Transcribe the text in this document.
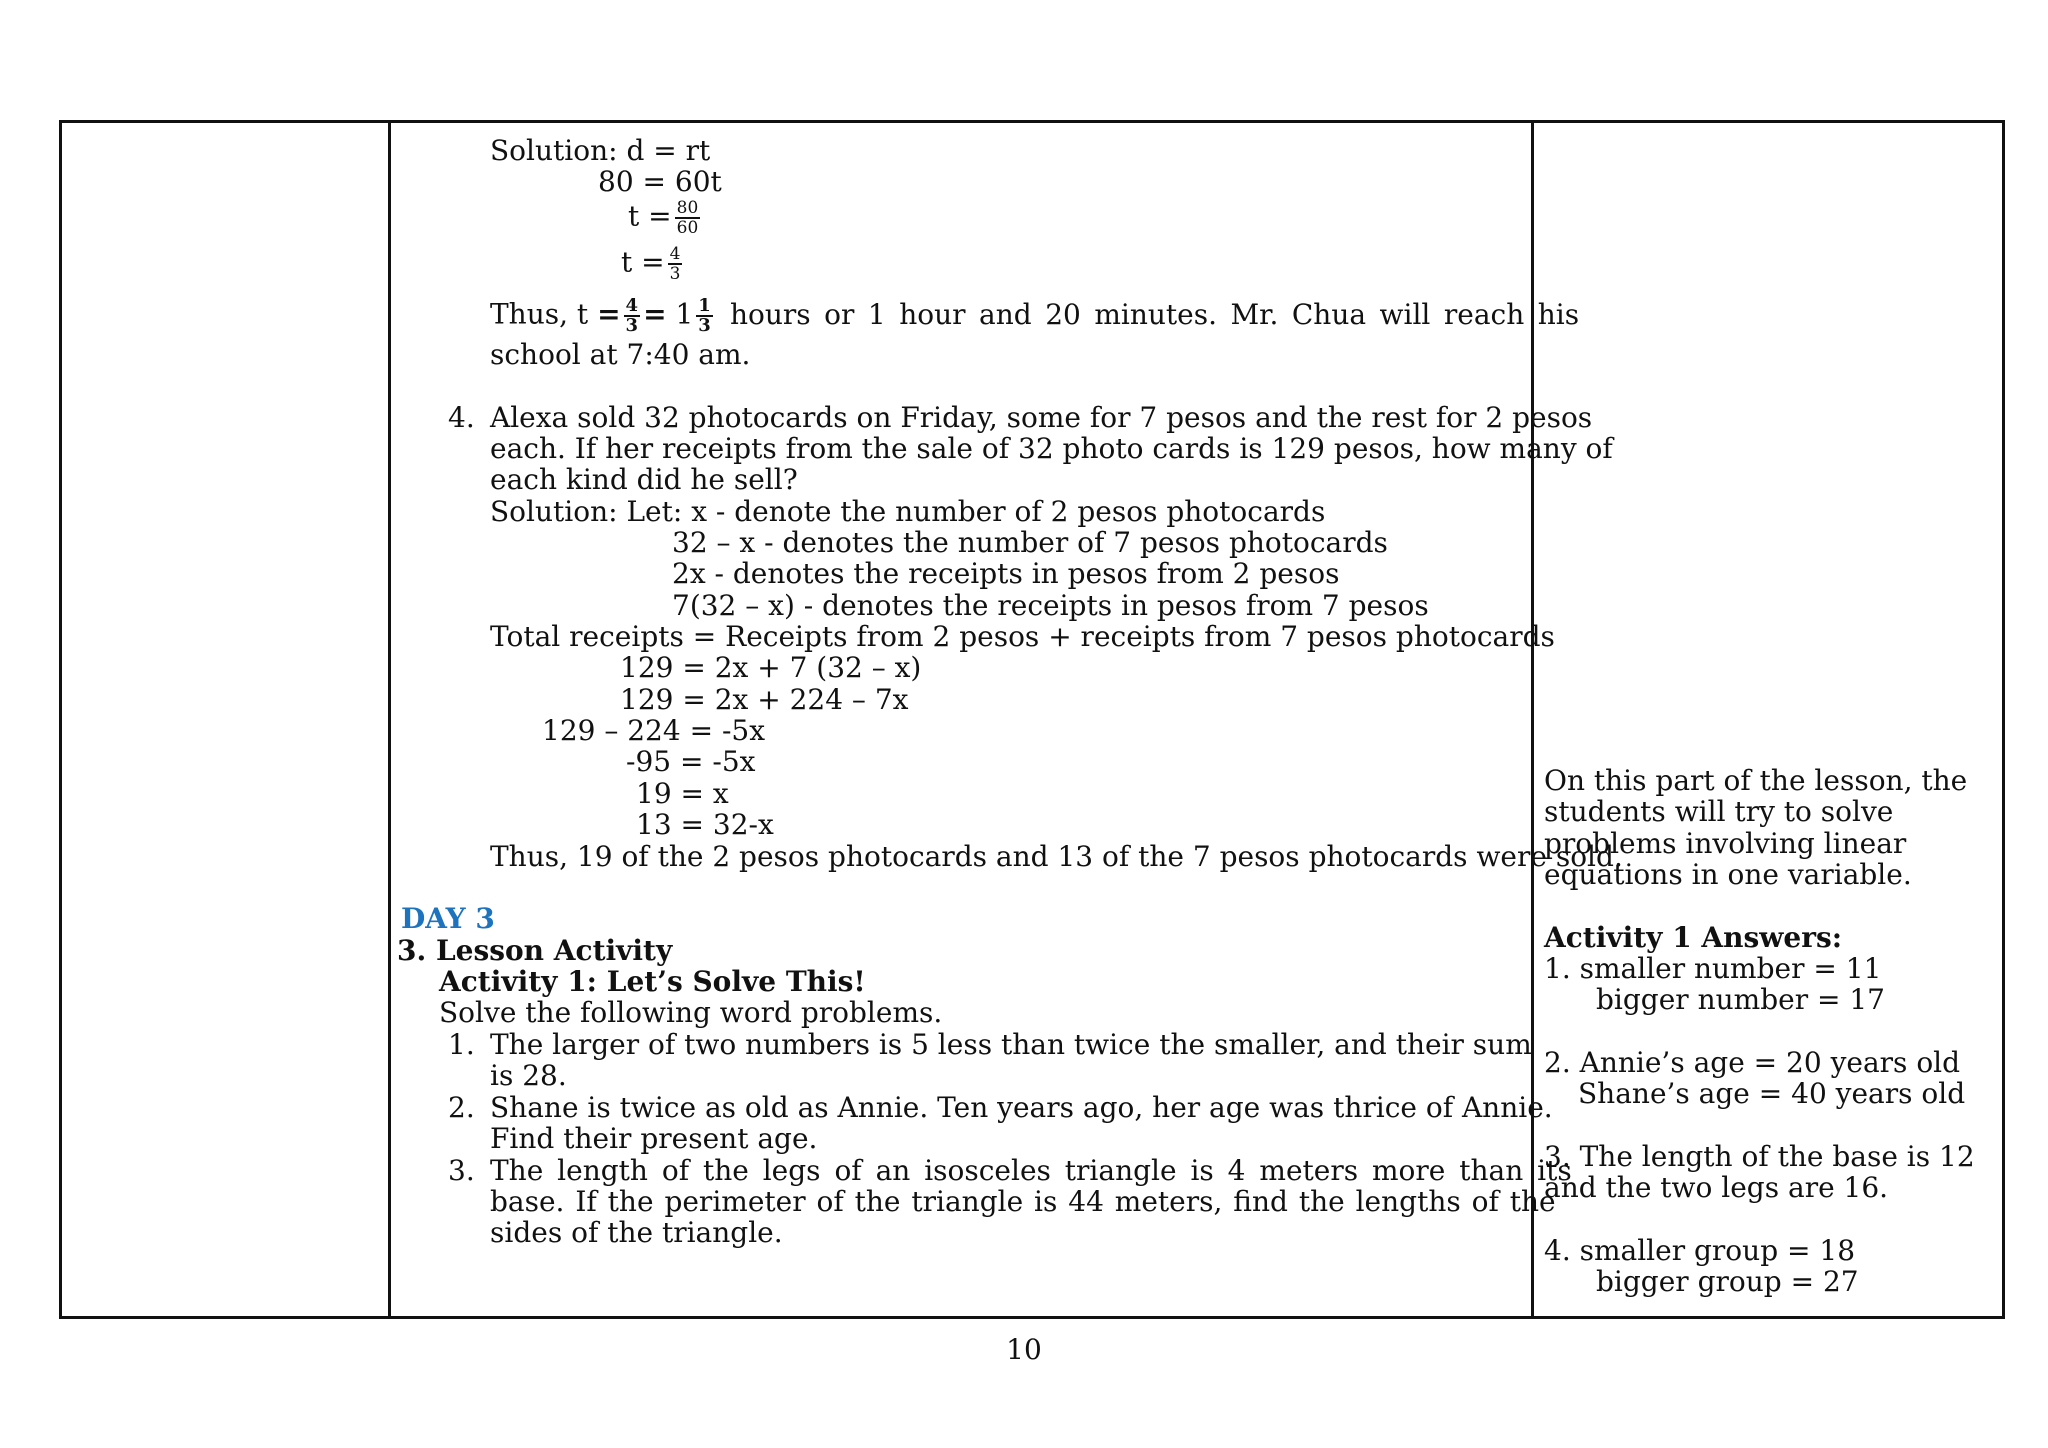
Solution: d = rt
80 = 60t
$t = \frac{80}{60}$
$t = \frac{4}{3}$
Thus, $t = \frac{4}{3} = 1 \frac{1}{3}$ hours or 1 hour and 20 minutes. Mr. Chua will reach his
school at 7:40 am.
4. Alexa sold 32 photocards on Friday, some for 7 pesos and the rest for 2 pesos
each. If her receipts from the sale of 32 photo cards is 129 pesos, how many of
each kind did he sell?
Solution: Let: x - denote the number of 2 pesos photocards
32 – x - denotes the number of 7 pesos photocards
2x - denotes the receipts in pesos from 2 pesos
7(32 – x) - denotes the receipts in pesos from 7 pesos
Total receipts = Receipts from 2 pesos + receipts from 7 pesos photocards
129 = 2x + 7 (32 – x)
129 = 2x + 224 – 7x
129 – 224 = -5x
-95 = -5x
19 = x
13 = 32-x
Thus, 19 of the 2 pesos photocards and 13 of the 7 pesos photocards were sold.
DAY 3
3. Lesson Activity
Activity 1: Let’s Solve This!
Solve the following word problems.
1. The larger of two numbers is 5 less than twice the smaller, and their sum
is 28.
2. Shane is twice as old as Annie. Ten years ago, her age was thrice of Annie.
Find their present age.
3. The length of the legs of an isosceles triangle is 4 meters more than its
base. If the perimeter of the triangle is 44 meters, find the lengths of the
sides of the triangle.

On this part of the lesson, the
students will try to solve
problems involving linear
equations in one variable.
Activity 1 Answers:
1. smaller number = 11
bigger number = 17
2. Annie’s age = 20 years old
Shane’s age = 40 years old
3. The length of the base is 12
and the two legs are 16.
4. smaller group = 18
bigger group = 27
10
